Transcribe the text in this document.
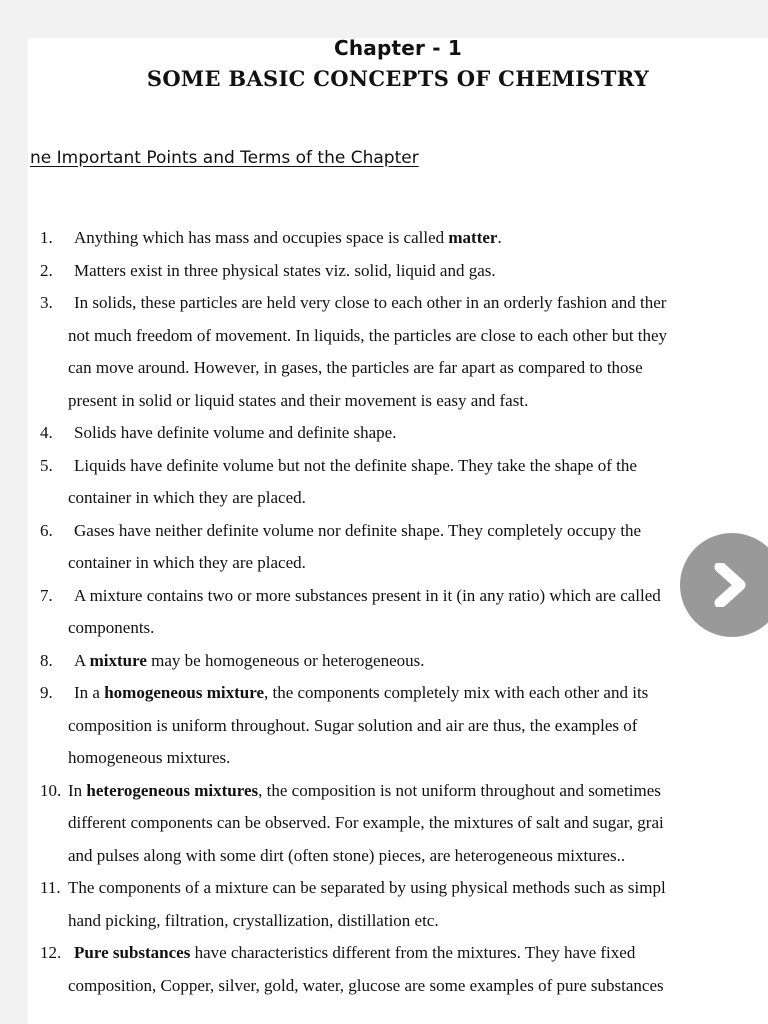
Chapter - 1
SOME BASIC CONCEPTS OF CHEMISTRY
ne Important Points and Terms of the Chapter
1. Anything which has mass and occupies space is called matter.
2. Matters exist in three physical states viz. solid, liquid and gas.
3. In solids, these particles are held very close to each other in an orderly fashion and ther
not much freedom of movement. In liquids, the particles are close to each other but they
can move around. However, in gases, the particles are far apart as compared to those
present in solid or liquid states and their movement is easy and fast.
4. Solids have definite volume and definite shape.
5. Liquids have definite volume but not the definite shape. They take the shape of the
container in which they are placed.
6. Gases have neither definite volume nor definite shape. They completely occupy the
container in which they are placed.
7. A mixture contains two or more substances present in it (in any ratio) which are called
components.
8. A mixture may be homogeneous or heterogeneous.
9. In a homogeneous mixture, the components completely mix with each other and its
composition is uniform throughout. Sugar solution and air are thus, the examples of
homogeneous mixtures.
10. In heterogeneous mixtures, the composition is not uniform throughout and sometimes
different components can be observed. For example, the mixtures of salt and sugar, grai
and pulses along with some dirt (often stone) pieces, are heterogeneous mixtures..
11. The components of a mixture can be separated by using physical methods such as simpl
hand picking, filtration, crystallization, distillation etc.
12. Pure substances have characteristics different from the mixtures. They have fixed
composition, Copper, silver, gold, water, glucose are some examples of pure substances
